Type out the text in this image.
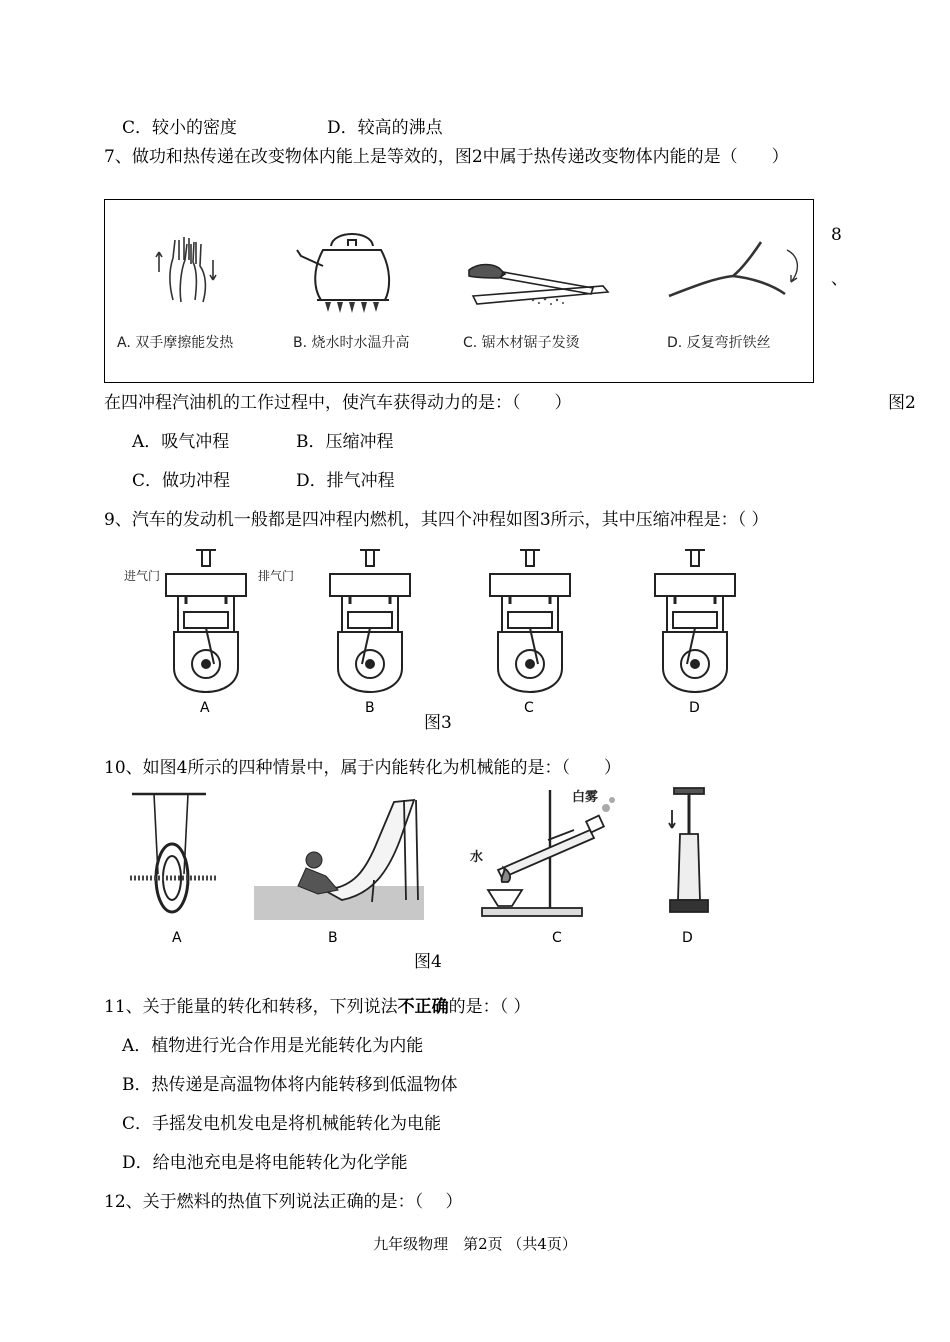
C．较小的密度	D．较高的沸点
7、做功和热传递在改变物体内能上是等效的，图2中属于热传递改变物体内能的是（　　）
A. 双手摩擦能发热	B. 烧水时水温升高	C. 锯木材锯子发烫	D. 反复弯折铁丝
8
、
在四冲程汽油机的工作过程中，使汽车获得动力的是：（　　）	图2
A．吸气冲程	B．压缩冲程
C．做功冲程	D．排气冲程
9、汽车的发动机一般都是四冲程内燃机，其四个冲程如图3所示，其中压缩冲程是：（ ）
进气门	排气门
A	B	C	D
图3
10、如图4所示的四种情景中，属于内能转化为机械能的是：（　　）
A	B
白雾
水
C	D
图4
11、关于能量的转化和转移，下列说法不正确的是：（ ）
A．植物进行光合作用是光能转化为内能
B．热传递是高温物体将内能转移到低温物体
C．手摇发电机发电是将机械能转化为电能
D．给电池充电是将电能转化为化学能
12、关于燃料的热值下列说法正确的是：（　 ）
九年级物理　第2页 （共4页）
